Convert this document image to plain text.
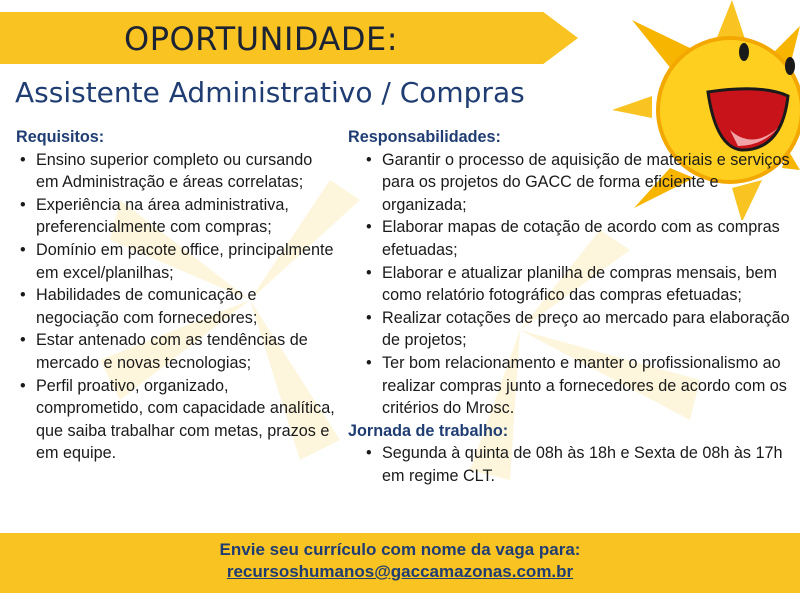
OPORTUNIDADE:
Assistente Administrativo / Compras
Requisitos:
• Ensino superior completo ou cursando em Administração e áreas correlatas;
• Experiência na área administrativa, preferencialmente com compras;
• Domínio em pacote office, principalmente em excel/planilhas;
• Habilidades de comunicação e negociação com fornecedores;
• Estar antenado com as tendências de mercado e novas tecnologias;
• Perfil proativo, organizado, comprometido, com capacidade analítica, que saiba trabalhar com metas, prazos e em equipe.
Responsabilidades:
• Garantir o processo de aquisição de materiais e serviços para os projetos do GACC de forma eficiente e organizada;
• Elaborar mapas de cotação de acordo com as compras efetuadas;
• Elaborar e atualizar planilha de compras mensais, bem como relatório fotográfico das compras efetuadas;
• Realizar cotações de preço ao mercado para elaboração de projetos;
• Ter bom relacionamento e manter o profissionalismo ao realizar compras junto a fornecedores de acordo com os critérios do Mrosc.
Jornada de trabalho:
• Segunda à quinta de 08h às 18h e Sexta de 08h às 17h em regime CLT.
Envie seu currículo com nome da vaga para:
recursoshumanos@gaccamazonas.com.br
